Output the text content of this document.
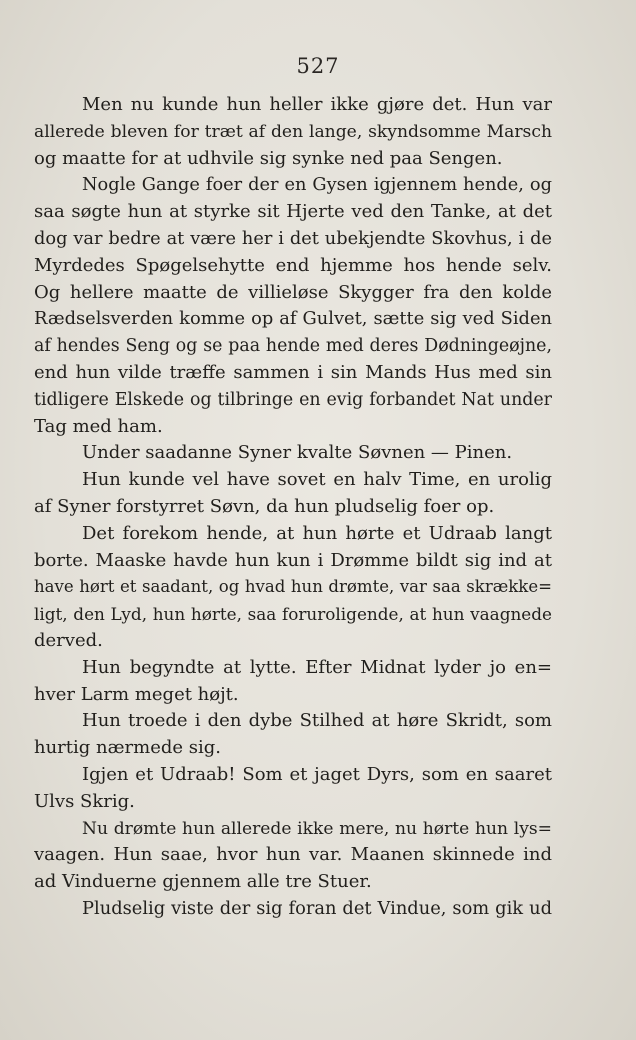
527
Men nu kunde hun heller ikke gjøre det. Hun var
allerede bleven for træt af den lange, skyndsomme Marsch
og maatte for at udhvile sig synke ned paa Sengen.
Nogle Gange foer der en Gysen igjennem hende, og
saa søgte hun at styrke sit Hjerte ved den Tanke, at det
dog var bedre at være her i det ubekjendte Skovhus, i de
Myrdedes Spøgelsehytte end hjemme hos hende selv.
Og hellere maatte de villieløse Skygger fra den kolde
Rædselsverden komme op af Gulvet, sætte sig ved Siden
af hendes Seng og se paa hende med deres Dødningeøjne,
end hun vilde træffe sammen i sin Mands Hus med sin
tidligere Elskede og tilbringe en evig forbandet Nat under
Tag med ham.
Under saadanne Syner kvalte Søvnen — Pinen.
Hun kunde vel have sovet en halv Time, en urolig
af Syner forstyrret Søvn, da hun pludselig foer op.
Det forekom hende, at hun hørte et Udraab langt
borte. Maaske havde hun kun i Drømme bildt sig ind at
have hørt et saadant, og hvad hun drømte, var saa skrække=
ligt, den Lyd, hun hørte, saa foruroligende, at hun vaagnede
derved.
Hun begyndte at lytte. Efter Midnat lyder jo en=
hver Larm meget højt.
Hun troede i den dybe Stilhed at høre Skridt, som
hurtig nærmede sig.
Igjen et Udraab! Som et jaget Dyrs, som en saaret
Ulvs Skrig.
Nu drømte hun allerede ikke mere, nu hørte hun lys=
vaagen. Hun saae, hvor hun var. Maanen skinnede ind
ad Vinduerne gjennem alle tre Stuer.
Pludselig viste der sig foran det Vindue, som gik ud
